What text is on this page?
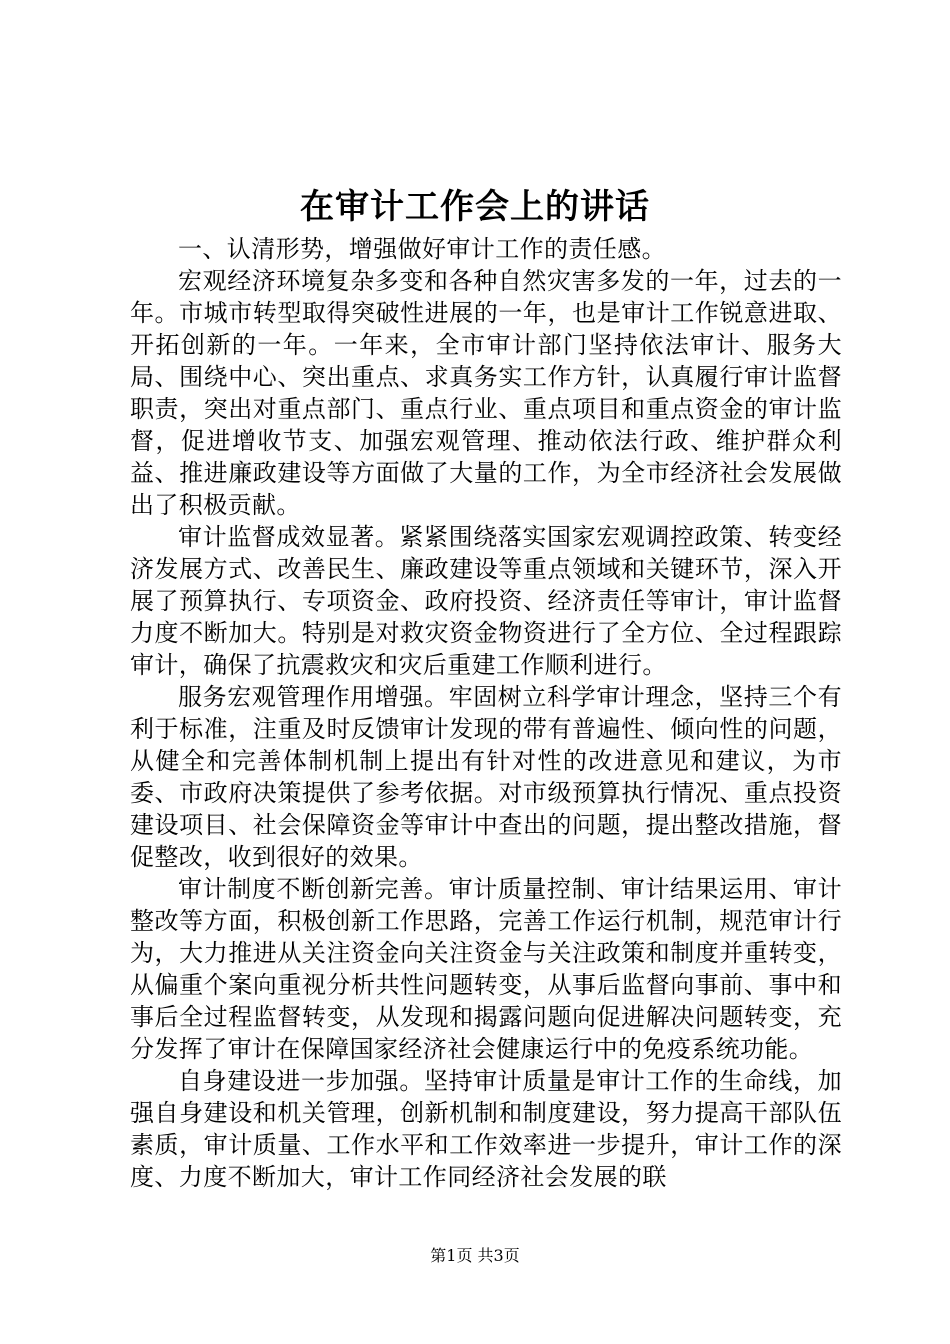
在审计工作会上的讲话

一、认清形势，增强做好审计工作的责任感。

宏观经济环境复杂多变和各种自然灾害多发的一年，过去的一年。市城市转型取得突破性进展的一年，也是审计工作锐意进取、开拓创新的一年。一年来，全市审计部门坚持依法审计、服务大局、围绕中心、突出重点、求真务实工作方针，认真履行审计监督职责，突出对重点部门、重点行业、重点项目和重点资金的审计监督，促进增收节支、加强宏观管理、推动依法行政、维护群众利益、推进廉政建设等方面做了大量的工作，为全市经济社会发展做出了积极贡献。

审计监督成效显著。紧紧围绕落实国家宏观调控政策、转变经济发展方式、改善民生、廉政建设等重点领域和关键环节，深入开展了预算执行、专项资金、政府投资、经济责任等审计，审计监督力度不断加大。特别是对救灾资金物资进行了全方位、全过程跟踪审计，确保了抗震救灾和灾后重建工作顺利进行。

服务宏观管理作用增强。牢固树立科学审计理念，坚持三个有利于标准，注重及时反馈审计发现的带有普遍性、倾向性的问题，从健全和完善体制机制上提出有针对性的改进意见和建议，为市委、市政府决策提供了参考依据。对市级预算执行情况、重点投资建设项目、社会保障资金等审计中查出的问题，提出整改措施，督促整改，收到很好的效果。

审计制度不断创新完善。审计质量控制、审计结果运用、审计整改等方面，积极创新工作思路，完善工作运行机制，规范审计行为，大力推进从关注资金向关注资金与关注政策和制度并重转变，从偏重个案向重视分析共性问题转变，从事后监督向事前、事中和事后全过程监督转变，从发现和揭露问题向促进解决问题转变，充分发挥了审计在保障国家经济社会健康运行中的免疫系统功能。

自身建设进一步加强。坚持审计质量是审计工作的生命线，加强自身建设和机关管理，创新机制和制度建设，努力提高干部队伍素质，审计质量、工作水平和工作效率进一步提升，审计工作的深度、力度不断加大，审计工作同经济社会发展的联

第1页 共3页
